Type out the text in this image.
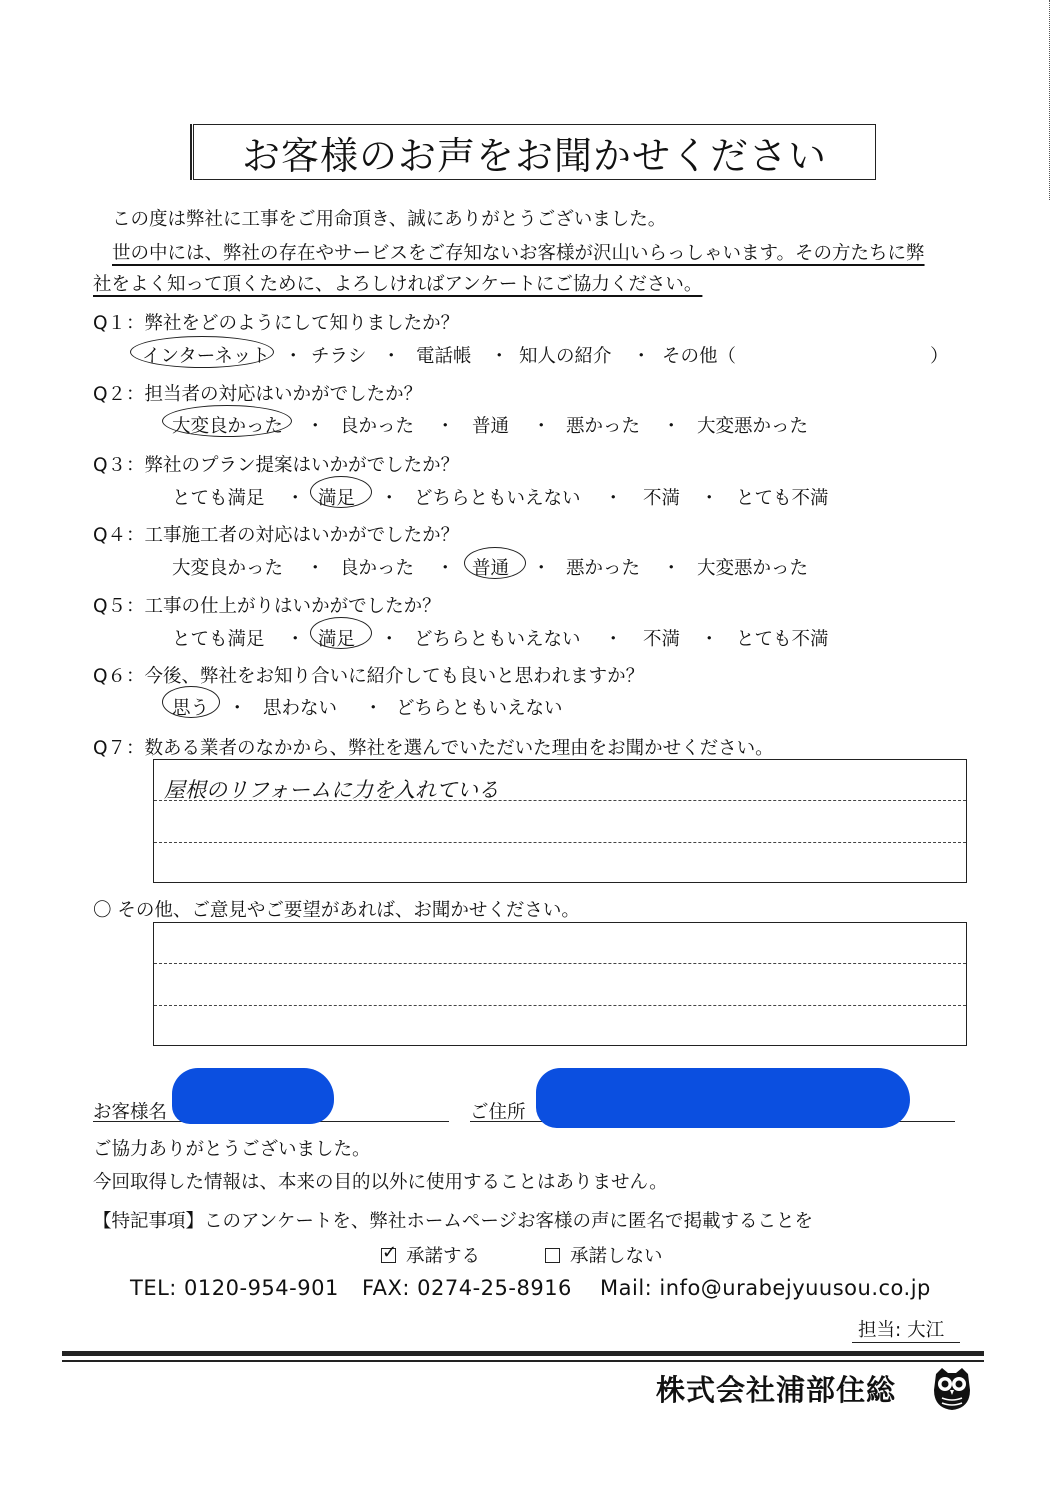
お客様のお声をお聞かせください
この度は弊社に工事をご用命頂き、誠にありがとうございました。
世の中には、弊社の存在やサービスをご存知ないお客様が沢山いらっしゃいます。その方たちに弊
社をよく知って頂くために、よろしければアンケートにご協力ください。
Q１：弊社をどのようにして知りましたか？
インターネット ・ チラシ ・ 電話帳 ・ 知人の紹介 ・ その他（	）
Q２：担当者の対応はいかがでしたか？
大変良かった ・ 良かった ・ 普通 ・ 悪かった ・ 大変悪かった
Q３：弊社のプラン提案はいかがでしたか？
とても満足 ・ 満足 ・ どちらともいえない ・ 不満 ・ とても不満
Q４：工事施工者の対応はいかがでしたか？
大変良かった ・ 良かった ・ 普通 ・ 悪かった ・ 大変悪かった
Q５：工事の仕上がりはいかがでしたか？
とても満足 ・ 満足 ・ どちらともいえない ・ 不満 ・ とても不満
Q６：今後、弊社をお知り合いに紹介しても良いと思われますか？
思う ・ 思わない ・ どちらともいえない
Q７：数ある業者のなかから、弊社を選んでいただいた理由をお聞かせください。
屋根のリフォームに力を入れている
〇 その他、ご意見やご要望があれば、お聞かせください。
お客様名	ご住所
ご協力ありがとうございました。
今回取得した情報は、本来の目的以外に使用することはありません。
【特記事項】このアンケートを、弊社ホームページお客様の声に匿名で掲載することを
✓承諾する	承諾しない
TEL: 0120-954-901 FAX: 0274-25-8916 Mail: info@urabejyuusou.co.jp
担当: 大江
株式会社浦部住総
